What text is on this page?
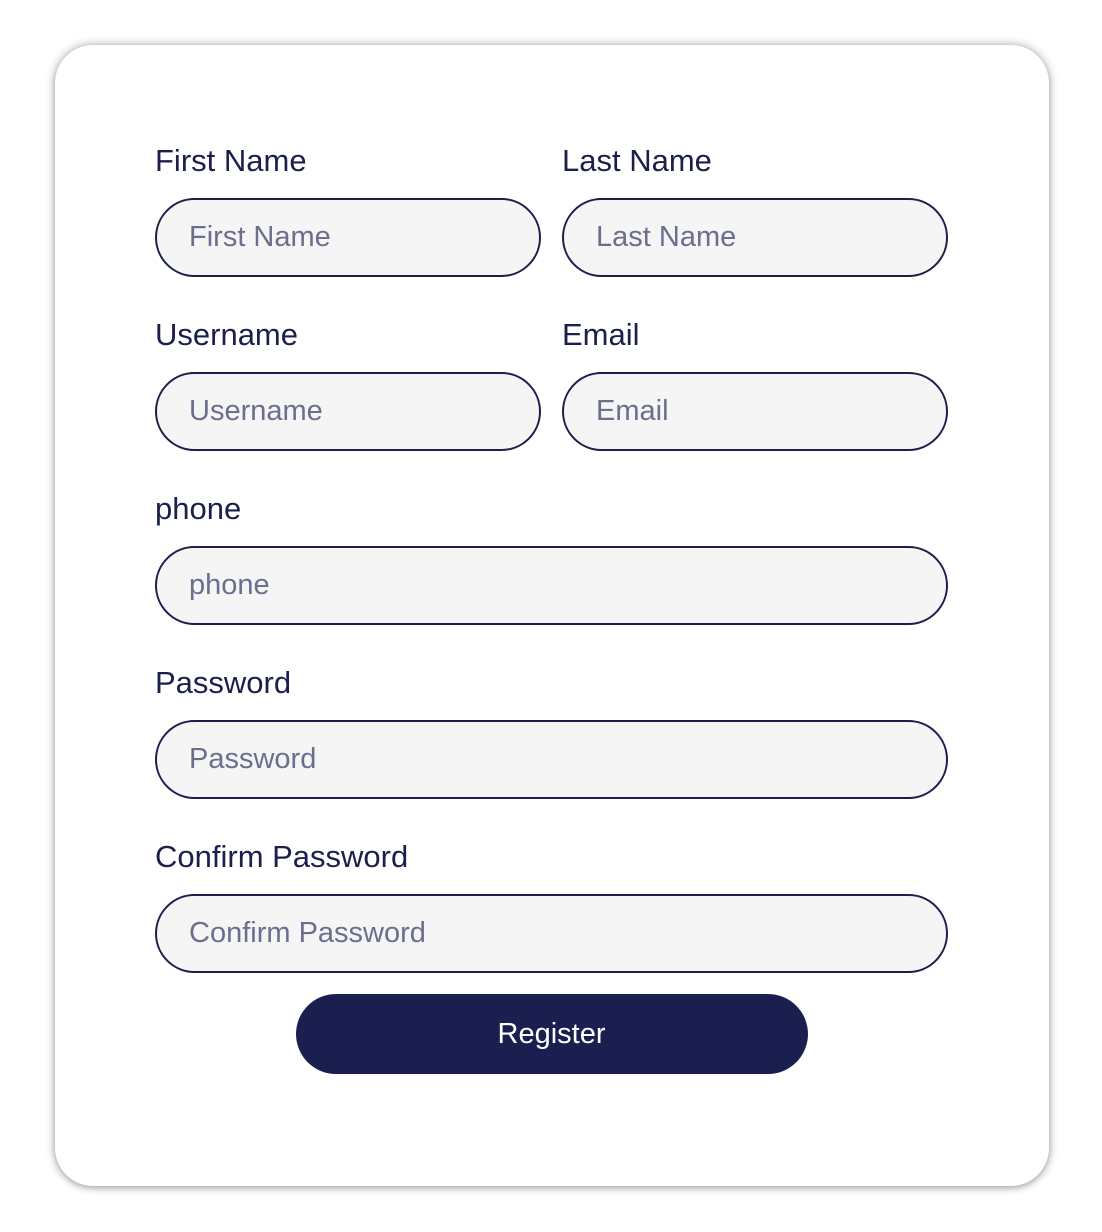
First Name
First Name	Last Name
Last Name
Username
Username	Email
Email
phone
phone
Password
Confirm Password
Register
